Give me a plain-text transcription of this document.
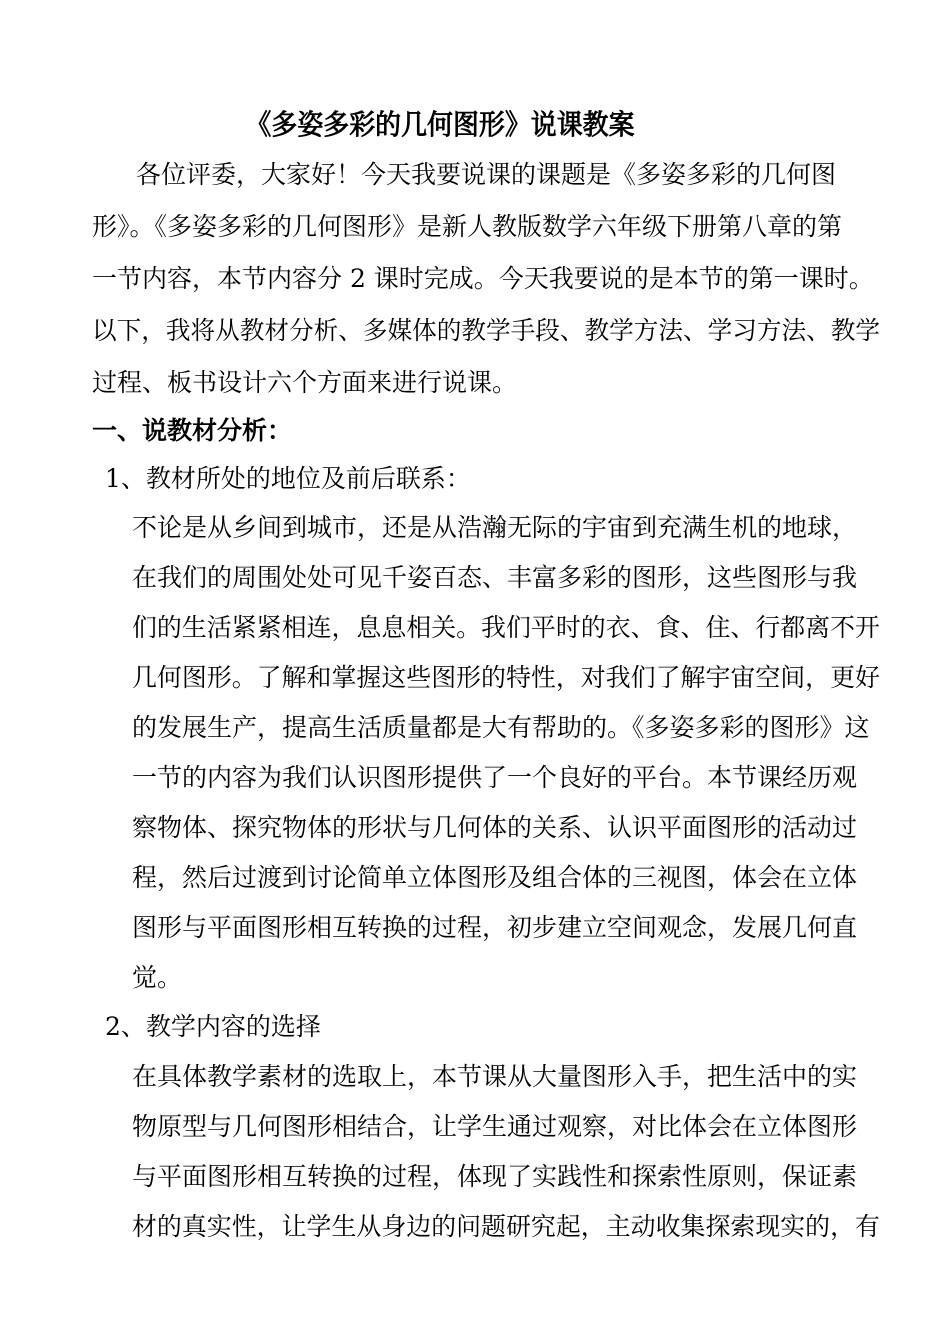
《多姿多彩的几何图形》说课教案
各位评委，大家好！今天我要说课的课题是《多姿多彩的几何图
形》。《多姿多彩的几何图形》是新人教版数学六年级下册第八章的第
一节内容，本节内容分 2 课时完成。今天我要说的是本节的第一课时。
以下，我将从教材分析、多媒体的教学手段、教学方法、学习方法、教学
过程、板书设计六个方面来进行说课。
一、说教材分析：
1、教材所处的地位及前后联系：
不论是从乡间到城市，还是从浩瀚无际的宇宙到充满生机的地球，
在我们的周围处处可见千姿百态、丰富多彩的图形，这些图形与我
们的生活紧紧相连，息息相关。我们平时的衣、食、住、行都离不开
几何图形。了解和掌握这些图形的特性，对我们了解宇宙空间，更好
的发展生产，提高生活质量都是大有帮助的。《多姿多彩的图形》这
一节的内容为我们认识图形提供了一个良好的平台。本节课经历观
察物体、探究物体的形状与几何体的关系、认识平面图形的活动过
程，然后过渡到讨论简单立体图形及组合体的三视图，体会在立体
图形与平面图形相互转换的过程，初步建立空间观念，发展几何直
觉。
2、教学内容的选择
在具体教学素材的选取上，本节课从大量图形入手，把生活中的实
物原型与几何图形相结合，让学生通过观察，对比体会在立体图形
与平面图形相互转换的过程，体现了实践性和探索性原则，保证素
材的真实性，让学生从身边的问题研究起，主动收集探索现实的，有
